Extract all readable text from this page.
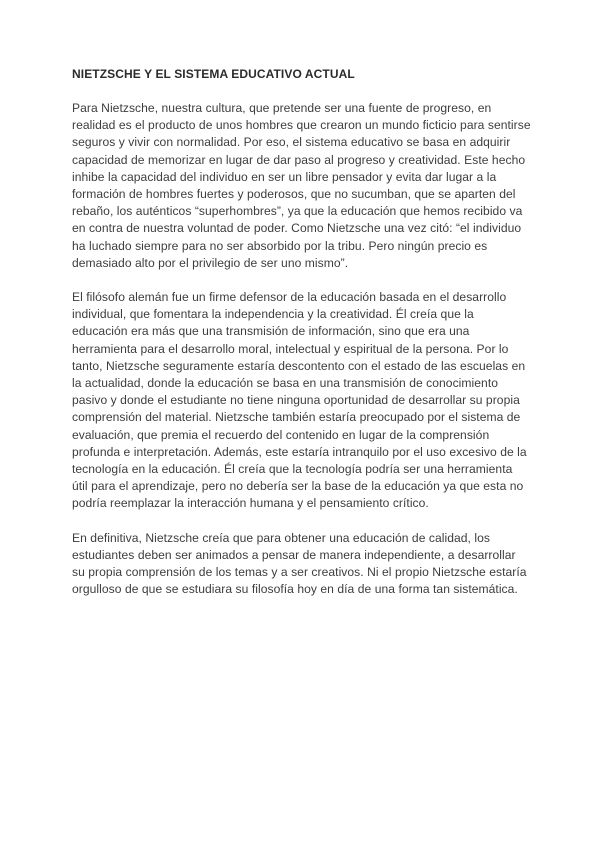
NIETZSCHE Y EL SISTEMA EDUCATIVO ACTUAL
Para Nietzsche, nuestra cultura, que pretende ser una fuente de progreso, en
realidad es el producto de unos hombres que crearon un mundo ficticio para sentirse
seguros y vivir con normalidad. Por eso, el sistema educativo se basa en adquirir
capacidad de memorizar en lugar de dar paso al progreso y creatividad. Este hecho
inhibe la capacidad del individuo en ser un libre pensador y evita dar lugar a la
formación de hombres fuertes y poderosos, que no sucumban, que se aparten del
rebaño, los auténticos “superhombres”, ya que la educación que hemos recibido va
en contra de nuestra voluntad de poder. Como Nietzsche una vez citó: “el individuo
ha luchado siempre para no ser absorbido por la tribu. Pero ningún precio es
demasiado alto por el privilegio de ser uno mismo”.
El filósofo alemán fue un firme defensor de la educación basada en el desarrollo
individual, que fomentara la independencia y la creatividad. Él creía que la
educación era más que una transmisión de información, sino que era una
herramienta para el desarrollo moral, intelectual y espiritual de la persona. Por lo
tanto, Nietzsche seguramente estaría descontento con el estado de las escuelas en
la actualidad, donde la educación se basa en una transmisión de conocimiento
pasivo y donde el estudiante no tiene ninguna oportunidad de desarrollar su propia
comprensión del material. Nietzsche también estaría preocupado por el sistema de
evaluación, que premia el recuerdo del contenido en lugar de la comprensión
profunda e interpretación. Además, este estaría intranquilo por el uso excesivo de la
tecnología en la educación. Él creía que la tecnología podría ser una herramienta
útil para el aprendizaje, pero no debería ser la base de la educación ya que esta no
podría reemplazar la interacción humana y el pensamiento crítico.
En definitiva, Nietzsche creía que para obtener una educación de calidad, los
estudiantes deben ser animados a pensar de manera independiente, a desarrollar
su propia comprensión de los temas y a ser creativos. Ni el propio Nietzsche estaría
orgulloso de que se estudiara su filosofía hoy en día de una forma tan sistemática.
